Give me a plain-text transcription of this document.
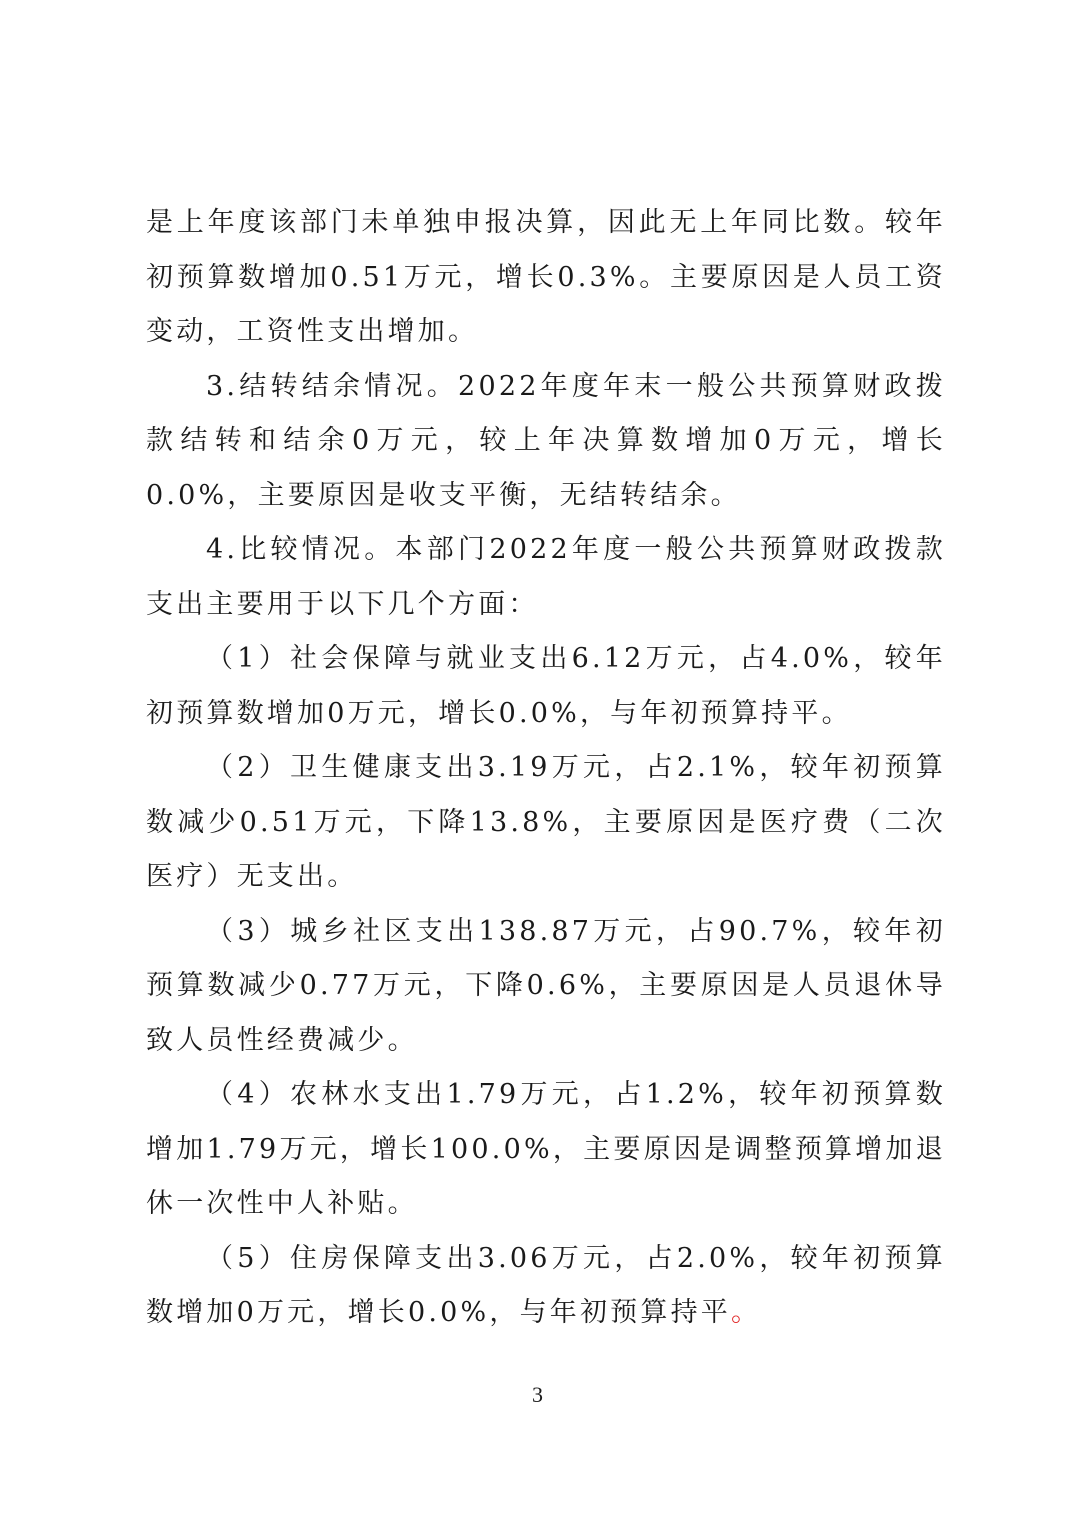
是上年度该部门未单独申报决算，因此无上年同比数。较年初预算数增加0.51万元，增长0.3%。主要原因是人员工资变动，工资性支出增加。

3.结转结余情况。2022年度年末一般公共预算财政拨款结转和结余0万元，较上年决算数增加0万元，增长0.0%，主要原因是收支平衡，无结转结余。

4.比较情况。本部门2022年度一般公共预算财政拨款支出主要用于以下几个方面：

（1）社会保障与就业支出6.12万元，占4.0%，较年初预算数增加0万元，增长0.0%，与年初预算持平。

（2）卫生健康支出3.19万元，占2.1%，较年初预算数减少0.51万元，下降13.8%，主要原因是医疗费（二次医疗）无支出。

（3）城乡社区支出138.87万元，占90.7%，较年初预算数减少0.77万元，下降0.6%，主要原因是人员退休导致人员性经费减少。

（4）农林水支出1.79万元，占1.2%，较年初预算数增加1.79万元，增长100.0%，主要原因是调整预算增加退休一次性中人补贴。

（5）住房保障支出3.06万元，占2.0%，较年初预算数增加0万元，增长0.0%，与年初预算持平。

3
